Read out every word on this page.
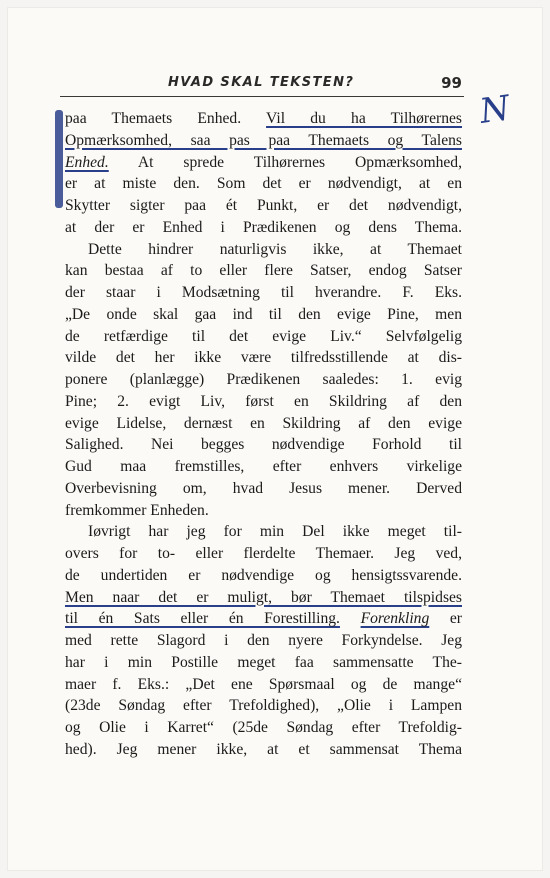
HVAD SKAL TEKSTEN?	99
N
paa Themaets Enhed. Vil du ha Tilhørernes
Opmærksomhed, saa pas paa Themaets og Talens
Enhed. At sprede Tilhørernes Opmærksomhed,
er at miste den. Som det er nødvendigt, at en
Skytter sigter paa ét Punkt, er det nødvendigt,
at der er Enhed i Prædikenen og dens Thema.
Dette hindrer naturligvis ikke, at Themaet
kan bestaa af to eller flere Satser, endog Satser
der staar i Modsætning til hverandre. F. Eks.
„De onde skal gaa ind til den evige Pine, men
de retfærdige til det evige Liv.“ Selvfølgelig
vilde det her ikke være tilfredsstillende at dis-
ponere (planlægge) Prædikenen saaledes: 1. evig
Pine; 2. evigt Liv, først en Skildring af den
evige Lidelse, dernæst en Skildring af den evige
Salighed. Nei begges nødvendige Forhold til
Gud maa fremstilles, efter enhvers virkelige
Overbevisning om, hvad Jesus mener. Derved
fremkommer Enheden.
Iøvrigt har jeg for min Del ikke meget til-
overs for to- eller flerdelte Themaer. Jeg ved,
de undertiden er nødvendige og hensigtssvarende.
Men naar det er muligt, bør Themaet tilspidses
til én Sats eller én Forestilling. Forenkling er
med rette Slagord i den nyere Forkyndelse. Jeg
har i min Postille meget faa sammensatte The-
maer f. Eks.: „Det ene Spørsmaal og de mange“
(23de Søndag efter Trefoldighed), „Olie i Lampen
og Olie i Karret“ (25de Søndag efter Trefoldig-
hed). Jeg mener ikke, at et sammensat Thema
